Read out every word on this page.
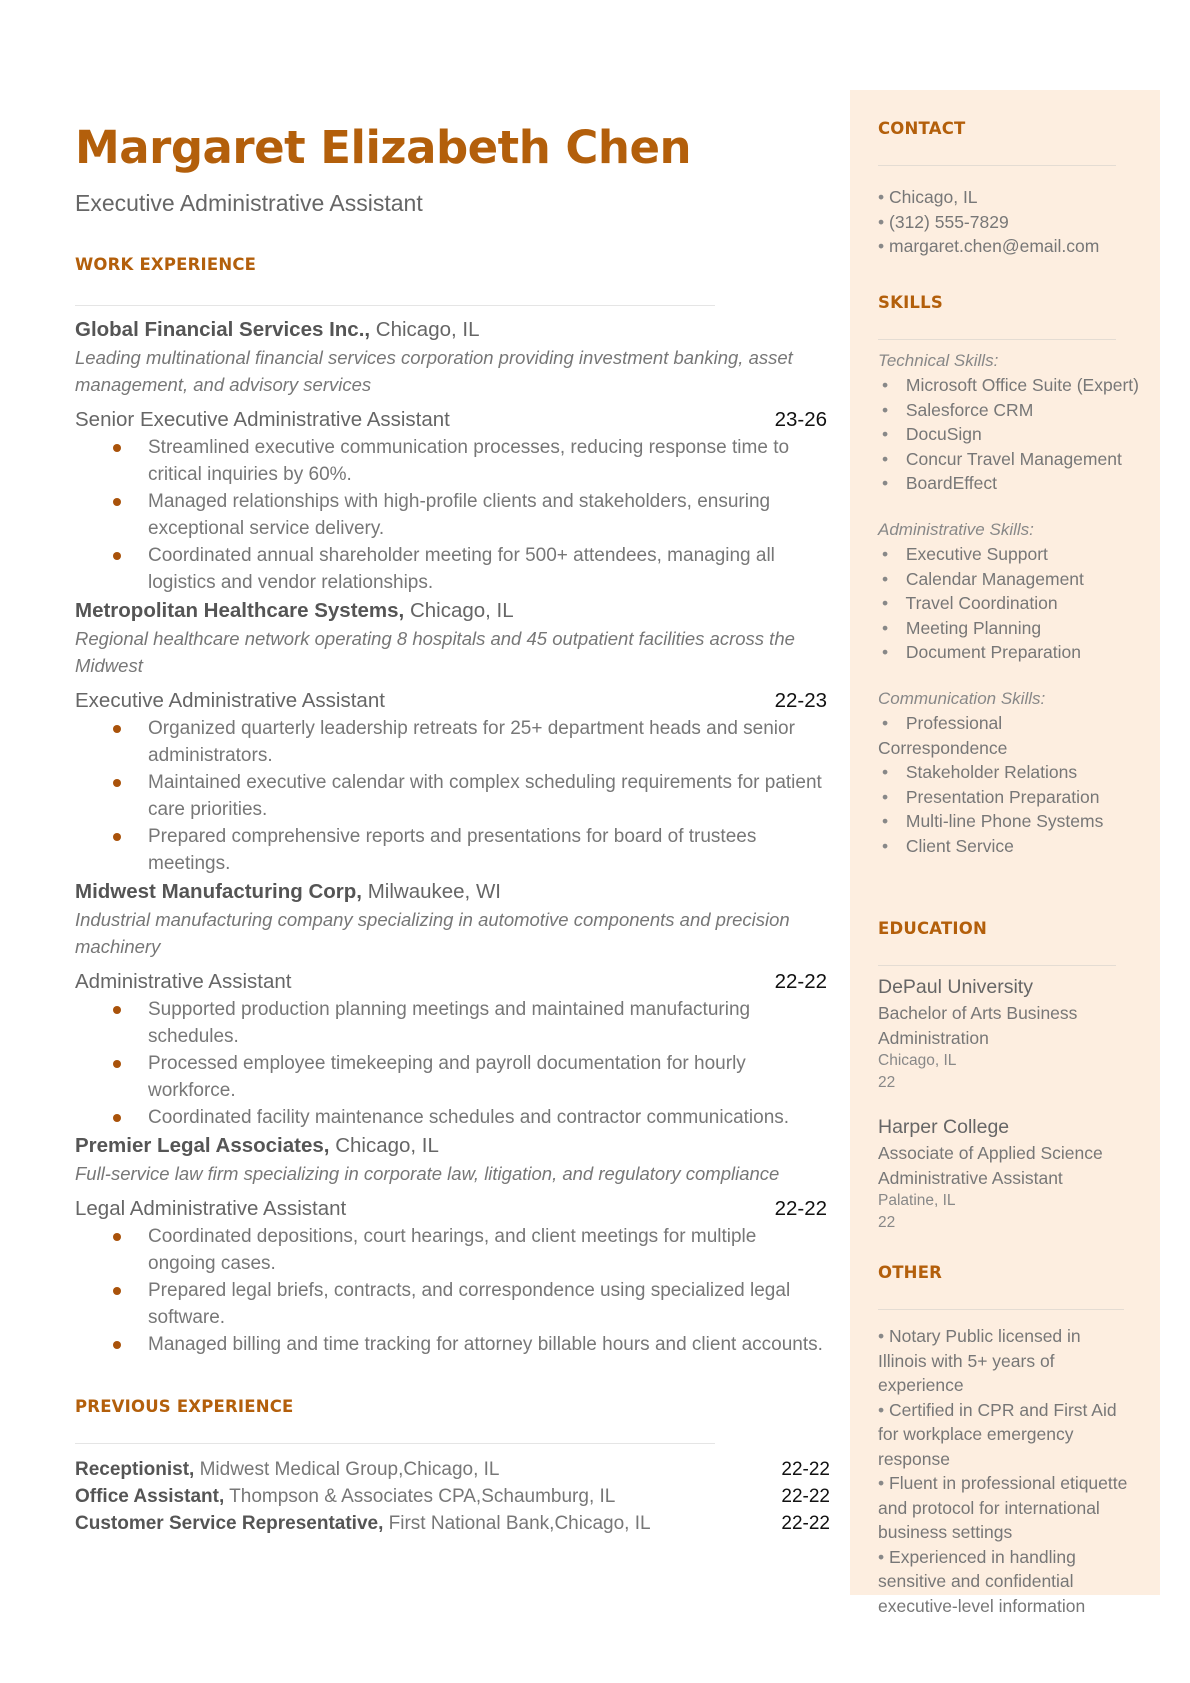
Margaret Elizabeth Chen
Executive Administrative Assistant
WORK EXPERIENCE
Global Financial Services Inc., Chicago, IL
Leading multinational financial services corporation providing investment banking, asset management, and advisory services
Senior Executive Administrative Assistant	23-26
Streamlined executive communication processes, reducing response time to critical inquiries by 60%.
Managed relationships with high-profile clients and stakeholders, ensuring exceptional service delivery.
Coordinated annual shareholder meeting for 500+ attendees, managing all logistics and vendor relationships.
Metropolitan Healthcare Systems, Chicago, IL
Regional healthcare network operating 8 hospitals and 45 outpatient facilities across the Midwest
Executive Administrative Assistant	22-23
Organized quarterly leadership retreats for 25+ department heads and senior administrators.
Maintained executive calendar with complex scheduling requirements for patient care priorities.
Prepared comprehensive reports and presentations for board of trustees meetings.
Midwest Manufacturing Corp, Milwaukee, WI
Industrial manufacturing company specializing in automotive components and precision machinery
Administrative Assistant	22-22
Supported production planning meetings and maintained manufacturing schedules.
Processed employee timekeeping and payroll documentation for hourly workforce.
Coordinated facility maintenance schedules and contractor communications.
Premier Legal Associates, Chicago, IL
Full-service law firm specializing in corporate law, litigation, and regulatory compliance
Legal Administrative Assistant	22-22
Coordinated depositions, court hearings, and client meetings for multiple ongoing cases.
Prepared legal briefs, contracts, and correspondence using specialized legal software.
Managed billing and time tracking for attorney billable hours and client accounts.
PREVIOUS EXPERIENCE
Receptionist, Midwest Medical Group,Chicago, IL	22-22
Office Assistant, Thompson & Associates CPA,Schaumburg, IL	22-22
Customer Service Representative, First National Bank,Chicago, IL	22-22
CONTACT
• Chicago, IL
• (312) 555-7829
• margaret.chen@email.com
SKILLS
Technical Skills:
• Microsoft Office Suite (Expert)
• Salesforce CRM
• DocuSign
• Concur Travel Management
• BoardEffect
Administrative Skills:
• Executive Support
• Calendar Management
• Travel Coordination
• Meeting Planning
• Document Preparation
Communication Skills:
• Professional Correspondence
• Stakeholder Relations
• Presentation Preparation
• Multi-line Phone Systems
• Client Service
EDUCATION
DePaul University
Bachelor of Arts Business Administration
Chicago, IL
22
Harper College
Associate of Applied Science Administrative Assistant
Palatine, IL
22
OTHER
• Notary Public licensed in Illinois with 5+ years of experience
• Certified in CPR and First Aid for workplace emergency response
• Fluent in professional etiquette and protocol for international business settings
• Experienced in handling sensitive and confidential executive-level information
